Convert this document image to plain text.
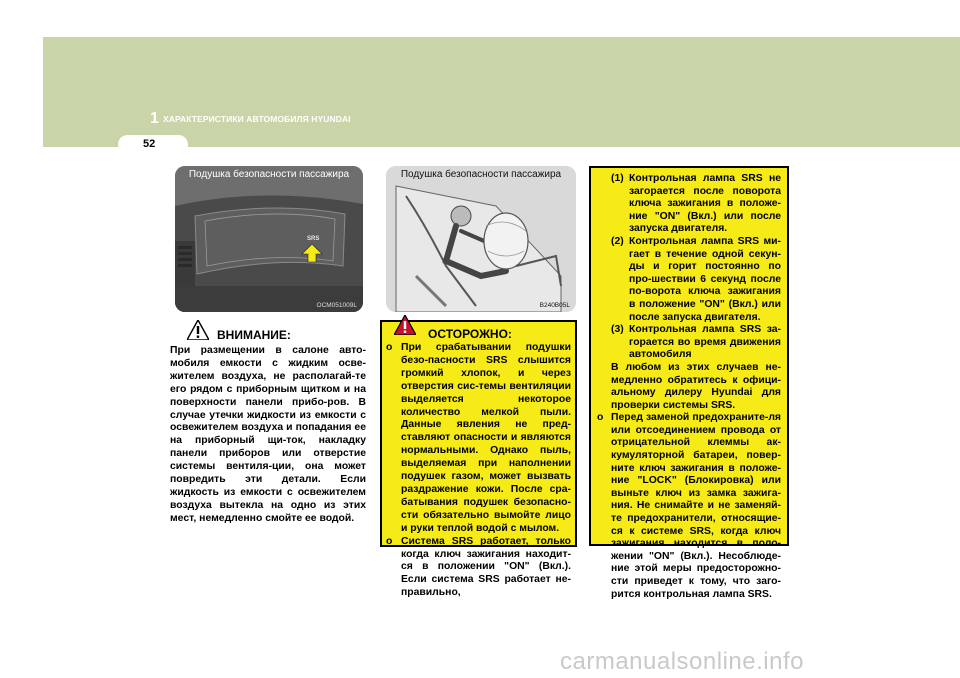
1 ХАРАКТЕРИСТИКИ АВТОМОБИЛЯ HYUNDAI
52
SRS
Подушка безопасности пассажира
OCM051009L
Подушка безопасности пассажира
B240B05L
ВНИМАНИЕ:
При размещении в салоне авто-мобиля емкости с жидким осве-жителем воздуха, не располагай-те его рядом с приборным щитком и на поверхности панели прибо-ров. В случае утечки жидкости из емкости с освежителем воздуха и попадания ее на приборный щи-ток, накладку панели приборов или отверстие системы вентиля-ции, она может повредить эти детали. Если жидкость из емкости с освежителем воздуха вытекла на одно из этих мест, немедленно смойте ее водой.
ОСТОРОЖНО:
o При срабатывании подушки безо-пасности SRS слышится громкий хлопок, и через отверстия сис-темы вентиляции выделяется некоторое количество мелкой пыли. Данные явления не пред-ставляют опасности и являются нормальными. Однако пыль, выделяемая при наполнении подушек газом, может вызвать раздражение кожи. После сра-батывания подушек безопасно-сти обязательно вымойте лицо и руки теплой водой с мылом.
o Система SRS работает, только когда ключ зажигания находит-ся в положении "ON" (Вкл.). Если система SRS работает не-правильно,
(1) Контрольная лампа SRS не загорается после поворота ключа зажигания в положе-ние "ON" (Вкл.) или после запуска двигателя.
(2) Контрольная лампа SRS ми-гает в течение одной секун-ды и горит постоянно по про-шествии 6 секунд после по-ворота ключа зажигания в положение "ON" (Вкл.) или после запуска двигателя.
(3) Контрольная лампа SRS за-горается во время движения автомобиля
В любом из этих случаев не-медленно обратитесь к офици-альному дилеру Hyundai для проверки системы SRS.
o Перед заменой предохраните-ля или отсоединением провода от отрицательной клеммы ак-кумуляторной батареи, повер-ните ключ зажигания в положе-ние "LOCK" (Блокировка) или выньте ключ из замка зажига-ния. Не снимайте и не заменяй-те предохранители, относящие-ся к системе SRS, когда ключ зажигания находится в поло-жении "ON" (Вкл.). Несоблюде-ние этой меры предосторожно-сти приведет к тому, что заго-рится контрольная лампа SRS.
carmanualsonline.info
